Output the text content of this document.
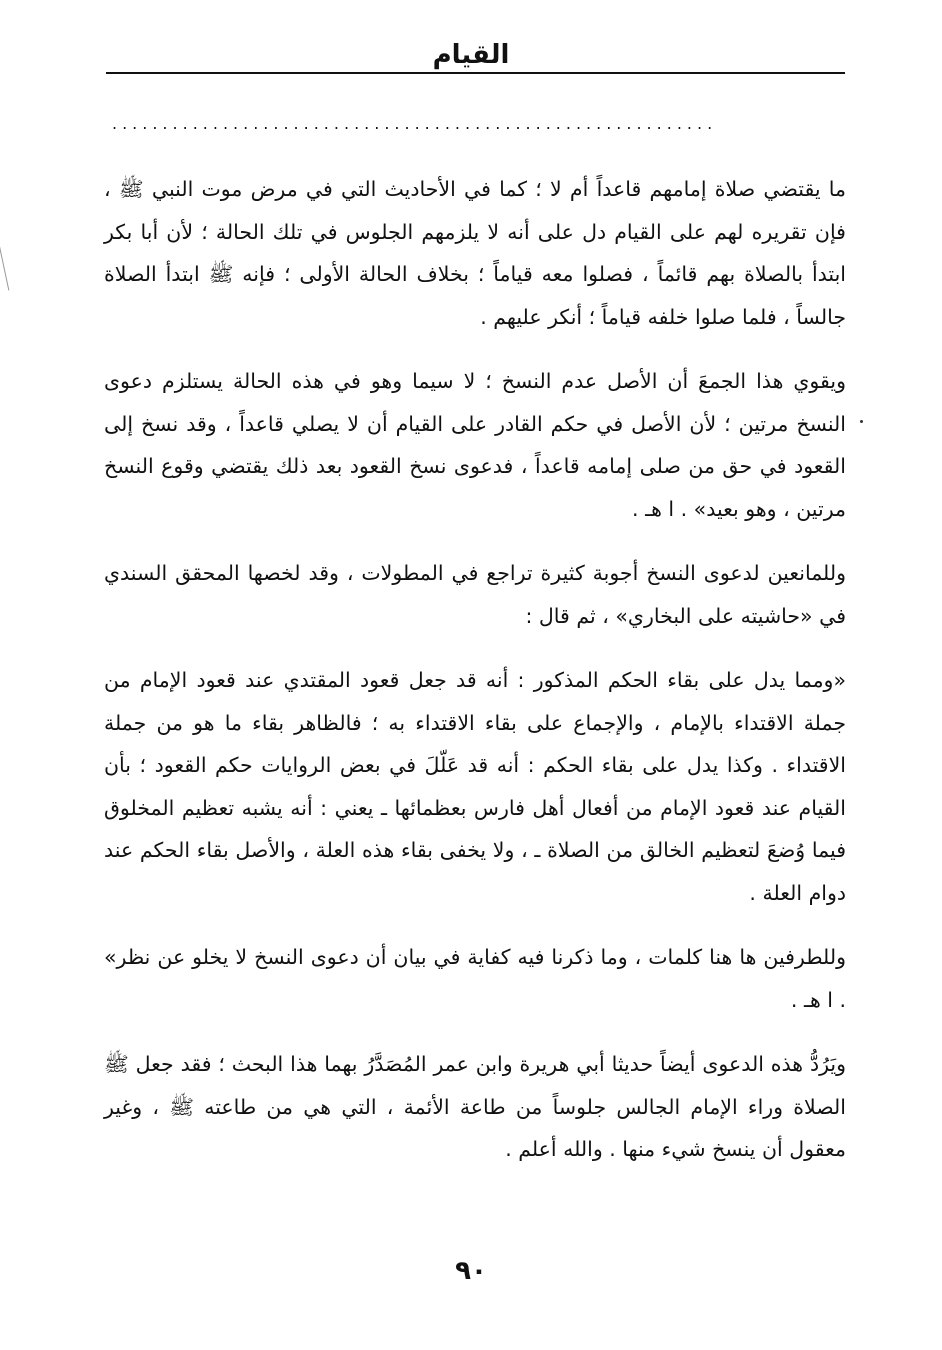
القيام
............................................................

ما يقتضي صلاة إمامهم قاعداً أم لا ؛ كما في الأحاديث التي في مرض موت النبي ﷺ ، فإن تقريره لهم على القيام دل على أنه لا يلزمهم الجلوس في تلك الحالة ؛ لأن أبا بكر ابتدأ بالصلاة بهم قائماً ، فصلوا معه قياماً ؛ بخلاف الحالة الأولى ؛ فإنه ﷺ ابتدأ الصلاة جالساً ، فلما صلوا خلفه قياماً ؛ أنكر عليهم .

ويقوي هذا الجمعَ أن الأصل عدم النسخ ؛ لا سيما وهو في هذه الحالة يستلزم دعوى النسخ مرتين ؛ لأن الأصل في حكم القادر على القيام أن لا يصلي قاعداً ، وقد نسخ إلى القعود في حق من صلى إمامه قاعداً ، فدعوى نسخ القعود بعد ذلك يقتضي وقوع النسخ مرتين ، وهو بعيد» . ا هـ .

وللمانعين لدعوى النسخ أجوبة كثيرة تراجع في المطولات ، وقد لخصها المحقق السندي في «حاشيته على البخاري» ، ثم قال :

«ومما يدل على بقاء الحكم المذكور : أنه قد جعل قعود المقتدي عند قعود الإمام من جملة الاقتداء بالإمام ، والإجماع على بقاء الاقتداء به ؛ فالظاهر بقاء ما هو من جملة الاقتداء . وكذا يدل على بقاء الحكم : أنه قد عَلّلَ في بعض الروايات حكم القعود ؛ بأن القيام عند قعود الإمام من أفعال أهل فارس بعظمائها ـ يعني : أنه يشبه تعظيم المخلوق فيما وُضعَ لتعظيم الخالق من الصلاة ـ ، ولا يخفى بقاء هذه العلة ، والأصل بقاء الحكم عند دوام العلة .

وللطرفين ها هنا كلمات ، وما ذكرنا فيه كفاية في بيان أن دعوى النسخ لا يخلو عن نظر» . ا هـ .

ويَرُدُّ هذه الدعوى أيضاً حديثا أبي هريرة وابن عمر المُصَدَّرُ بهما هذا البحث ؛ فقد جعل ﷺ الصلاة وراء الإمام الجالس جلوساً من طاعة الأئمة ، التي هي من طاعته ﷺ ، وغير معقول أن ينسخ شيء منها . والله أعلم .

٩٠
